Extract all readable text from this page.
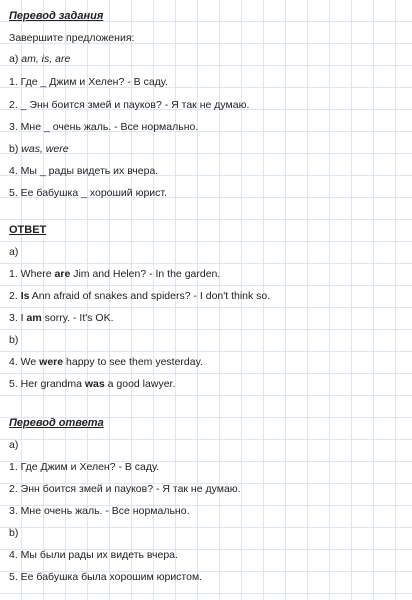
Перевод задания
Завершите предложения:
a) am, is, are
1. Где _ Джим и Хелен? - В саду.
2. _ Энн боится змей и пауков? - Я так не думаю.
3. Мне _ очень жаль. - Все нормально.
b) was, were
4. Мы _ рады видеть их вчера.
5. Ее бабушка _ хороший юрист.
ОТВЕТ
a)
1. Where are Jim and Helen? - In the garden.
2. Is Ann afraid of snakes and spiders? - I don't think so.
3. I am sorry. - It's OK.
b)
4. We were happy to see them yesterday.
5. Her grandma was a good lawyer.
Перевод ответа
a)
1. Где Джим и Хелен? - В саду.
2. Энн боится змей и пауков? - Я так не думаю.
3. Мне очень жаль. - Все нормально.
b)
4. Мы были рады их видеть вчера.
5. Ее бабушка была хорошим юристом.
